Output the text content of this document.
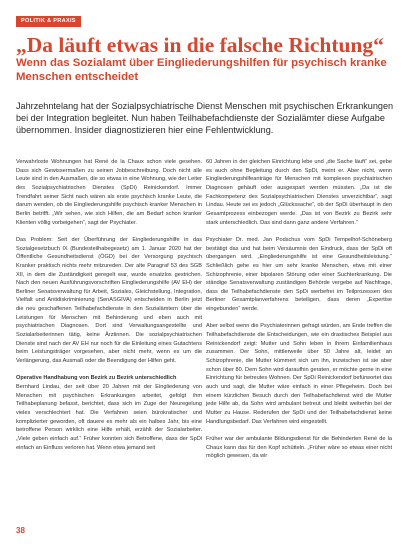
POLITIK & PRAXIS
„Da läuft etwas in die falsche Richtung“
Wenn das Sozialamt über Eingliederungshilfen für psychisch kranke Menschen entscheidet

Jahrzehntelang hat der Sozialpsychiatrische Dienst Menschen mit psychischen Erkrankungen bei der Integration begleitet. Nun haben Teilhabefachdienste der Sozialämter diese Aufgabe übernommen. Insider diagnostizieren hier eine Fehlentwicklung.

Verwahrloste Wohnungen hat René de la Chaux schon viele gesehen. Dass sich Gewissermaßen zu seinen Jobbeschreibung. Doch nicht alle Leute sind in den Ausmaßen, die so etwas in eine Wohnung, wie der Leiter des Sozialpsychiatrischen Dienstes (SpDi) Reinickendorf. Immer Trendfahrt seiner Sicht nach wären als erste psychisch kranke Leute, die darum wenden, ob die Eingliederungshilfe psychisch kranker Menschen in Berlin betrifft. „Wir sehen, wie sich Hilfen, die am Bedarf schon kranker Klienten völlig vorbeigehen“, sagt der Psychiater.

Das Problem: Seit der Überführung der Eingliederungshilfe in das Sozialgesetzbuch IX (Bundesteilhabegesetz) am 1. Januar 2020 hat der Öffentliche Gesundheitsdienst (ÖGD) bei der Versorgung psychisch Kranker praktisch nichts mehr mitzureden. Der alte Paragraf 53 des SGB XII, in dem die Zuständigkeit geregelt war, wurde ersatzlos gestrichen. Nach den neuen Ausführungsvorschriften Eingliederungshilfe (AV EH) der Berliner Senatsverwaltung für Arbeit, Soziales, Gleichstellung, Integration, Vielfalt und Antidiskriminierung (SenASGIVA) entscheiden in Berlin jetzt die neu geschaffenen Teilhabefachdienste in den Sozialämtern über die Leistungen für Menschen mit Behinderung und eben auch mit psychiatrischen Diagnosen. Dort sind Verwaltungsangestellte und Sozialarbeiterinnen tätig, keine Ärztinnen. Die sozialpsychiatrischen Dienste sind nach der AV EH nur noch für die Einleitung eines Gutachtens beim Leistungsträger vorgesehen, aber nicht mehr, wenn es um die Verlängerung, das Ausmaß oder die Beendigung der Hilfen geht.

Operative Handhabung von Bezirk zu Bezirk unterschiedlich

Bernhard Lindau, der seit über 20 Jahren mit der Eingliederung von Menschen mit psychischen Erkrankungen arbeitet, gefolgt ihm Teilhabeplanung befasst, berichtet, dass sich im Zuge der Neuregelung vieles verschlechtert hat. Die Verfahren seien bürokratischer und komplizierter geworden, oft dauere es mehr als ein halbes Jahr, bis eine betroffene Person wirklich eine Hilfe erhält, erzählt der Sozialarbeiter. „Viele geben einfach auf.“ Früher konnten sich Betroffene, dass der SpDi einfach an Einfluss verloren hat. Wenn etwa jemand seit

60 Jahren in der gleichen Einrichtung lebe und „die Sache läuft“ sei, gebe es auch ohne Begleitung durch den SpDi, meint er. Aber nicht, wenn Eingliederungshilfeanträge für Menschen mit komplexen psychiatrischen Diagnosen gehäuft oder ausgespart werden müssten. „Da ist die Fachkompetenz des Sozialpsychiatrischen Dienstes unverzichtbar“, sagt Lindau. Heute sei es jedoch „Glückssache“, ob der SpDi überhaupt in den Gesamtprozess einbezogen werde. „Das ist von Bezirk zu Bezirk sehr stark unterschiedlich. Das sind dann ganz andere Verfahren.“

Psychiater Dr. med. Jan Podschus vom SpDi Tempelhof-Schöneberg bestätigt das und hat beim Versäumnis den Eindruck, dass der SpDi oft übergangen wird. „Eingliederungshilfe ist eine Gesundheitsleistung.“ Schließlich gehe es hier um sehr kranke Menschen, etwa mit einer Schizophrenie, einer bipolaren Störung oder einer Suchterkrankung. Die ständige Senatsverwaltung zuständigen Behörde vergebe auf Nachfrage, dass die Teilhabefachdienste den SpDi werbefrei im Teilprozessen des Berliner Gesamtplanverfahrens beteiligen, dass deren „Expertise eingebunden“ werde.

Aber selbst wenn die Psychiaterinnen gefragt würden, am Ende treffen die Teilhabefachdienste die Entscheidungen, wie ein drastisches Beispiel aus Reinickendorf zeigt: Mutter und Sohn leben in ihrem Einfamilienhaus zusammen. Der Sohn, mittlerweile über 50 Jahre alt, leidet an Schizophrenie, die Mutter kümmert sich um ihn, inzwischen ist sie aber schon über 80. Dem Sohn wird daraufhin geraten, er möchte gerne in eine Einrichtung für betreutes Wohnen. Der SpDi Reinickendorf befürwortet das auch und sagt, die Mutter wäre einfach in einer Pflegeheim. Doch bei einem kürzlichen Besuch durch den Teilhabefachdienst wird die Mutter jede Hilfe ab, da Sohn wird ambulant betreut und bleibt weiterhin bei der Mutter zu Hause. Rederufen der SpDi und der Teilhabefachdienst keine Handlungsbedarf. Das Verfahren wird eingestellt.

Früher war der ambulante Bildungsdienst für die Behinderten René de la Chaux kann das für den Kopf schütteln. „Früher wäre so etwas einer nicht möglich gewesen, da wir

38
